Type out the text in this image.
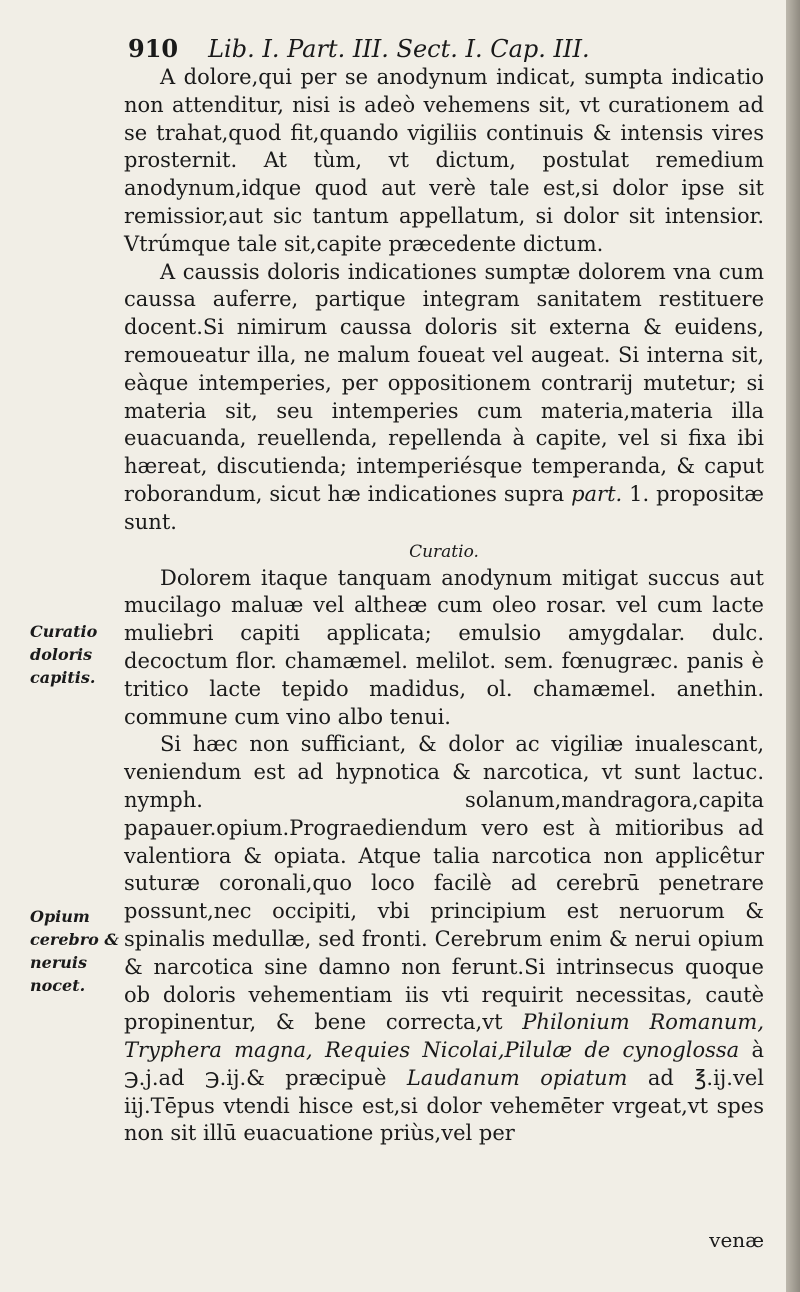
910 Lib. I. Part. III. Sect. I. Cap. III.
Curatio doloris capitis.
Opium cerebro & neruis nocet.

A dolore,qui per se anodynum indicat, sumpta indicatio non attenditur, nisi is adeò vehemens sit, vt curationem ad se trahat,quod fit,quando vigiliis continuis & intensis vires prosternit. At tùm, vt dictum, postulat remedium anodynum,idque quod aut verè tale est,si dolor ipse sit remissior,aut sic tantum appellatum, si dolor sit intensior. Vtrúmque tale sit,capite præcedente dictum.

A caussis doloris indicationes sumptæ dolorem vna cum caussa auferre, partique integram sanitatem restituere docent.Si nimirum caussa doloris sit externa & euidens, remoueatur illa, ne malum foueat vel augeat. Si interna sit, eàque intemperies, per oppositionem contrarij mutetur; si materia sit, seu intemperies cum materia,materia illa euacuanda, reuellenda, repellenda à capite, vel si fixa ibi hæreat, discutienda; intemperiésque temperanda, & caput roborandum, sicut hæ indicationes supra part. 1. propositæ sunt.

Curatio.

Dolorem itaque tanquam anodynum mitigat succus aut mucilago maluæ vel altheæ cum oleo rosar. vel cum lacte muliebri capiti applicata; emulsio amygdalar. dulc. decoctum flor. chamæmel. melilot. sem. fœnugræc. panis è tritico lacte tepido madidus, ol. chamæmel. anethin. commune cum vino albo tenui.

Si hæc non sufficiant, & dolor ac vigiliæ inualescant, veniendum est ad hypnotica & narcotica, vt sunt lactuc. nymph. solanum,mandragora,capita papauer.opium.Prograediendum vero est à mitioribus ad valentiora & opiata. Atque talia narcotica non applicêtur suturæ coronali,quo loco facilè ad cerebrū penetrare possunt,nec occipiti, vbi principium est neruorum & spinalis medullæ, sed fronti. Cerebrum enim & nerui opium & narcotica sine damno non ferunt.Si intrinsecus quoque ob doloris vehementiam iis vti requirit necessitas, cautè propinentur, & bene correcta,vt Philonium Romanum, Tryphera magna, Requies Nicolai,Pilulæ de cynoglossa à ℈.j.ad ℈.ij.& præcipuè Laudanum opiatum ad ℥.ij.vel iij.Tēpus vtendi hisce est,si dolor vehemēter vrgeat,vt spes non sit illū euacuatione priùs,vel per

venæ
